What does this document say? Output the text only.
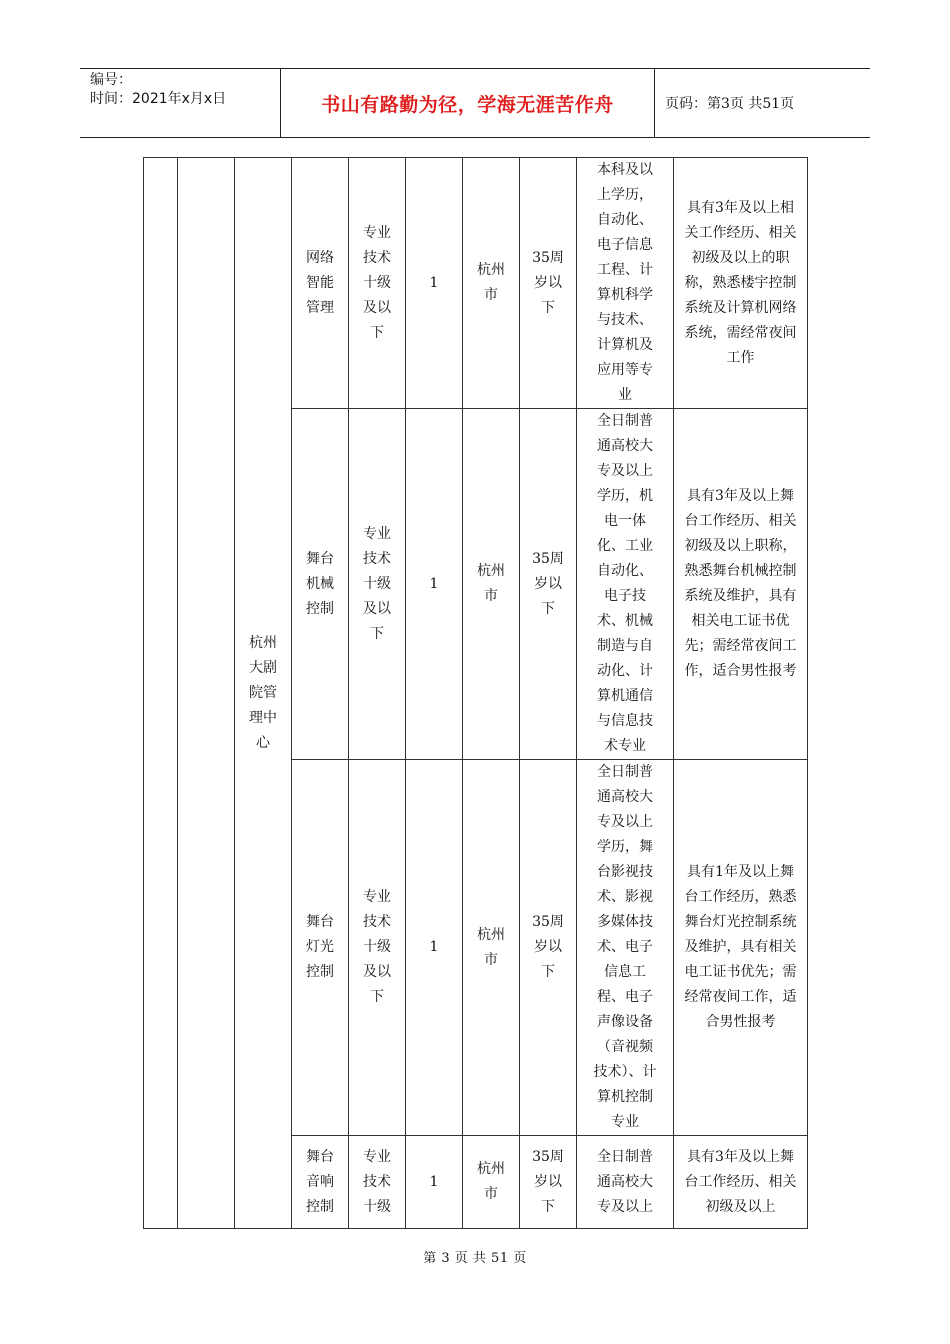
编号：
时间：2021年x月x日	书山有路勤为径，学海无涯苦作舟	页码：第3页 共51页
		杭州大剧院管理中心	网络智能管理	专业技术十级及以下	1	杭州市	35周岁以下	本科及以上学历，自动化、电子信息工程、计算机科学与技术、计算机及应用等专业	具有3年及以上相关工作经历、相关初级及以上的职称，熟悉楼宇控制系统及计算机网络系统，需经常夜间工作
			舞台机械控制	专业技术十级及以下	1	杭州市	35周岁以下	全日制普通高校大专及以上学历，机电一体化、工业自动化、电子技术、机械制造与自动化、计算机通信与信息技术专业	具有3年及以上舞台工作经历、相关初级及以上职称，熟悉舞台机械控制系统及维护，具有相关电工证书优先；需经常夜间工作，适合男性报考
			舞台灯光控制	专业技术十级及以下	1	杭州市	35周岁以下	全日制普通高校大专及以上学历，舞台影视技术、影视多媒体技术、电子信息工程、电子声像设备（音视频技术）、计算机控制专业	具有1年及以上舞台工作经历，熟悉舞台灯光控制系统及维护，具有相关电工证书优先；需经常夜间工作，适合男性报考
			舞台音响控制	专业技术十级	1	杭州市	35周岁以下	全日制普通高校大专及以上	具有3年及以上舞台工作经历、相关初级及以上
第 3 页 共 51 页
